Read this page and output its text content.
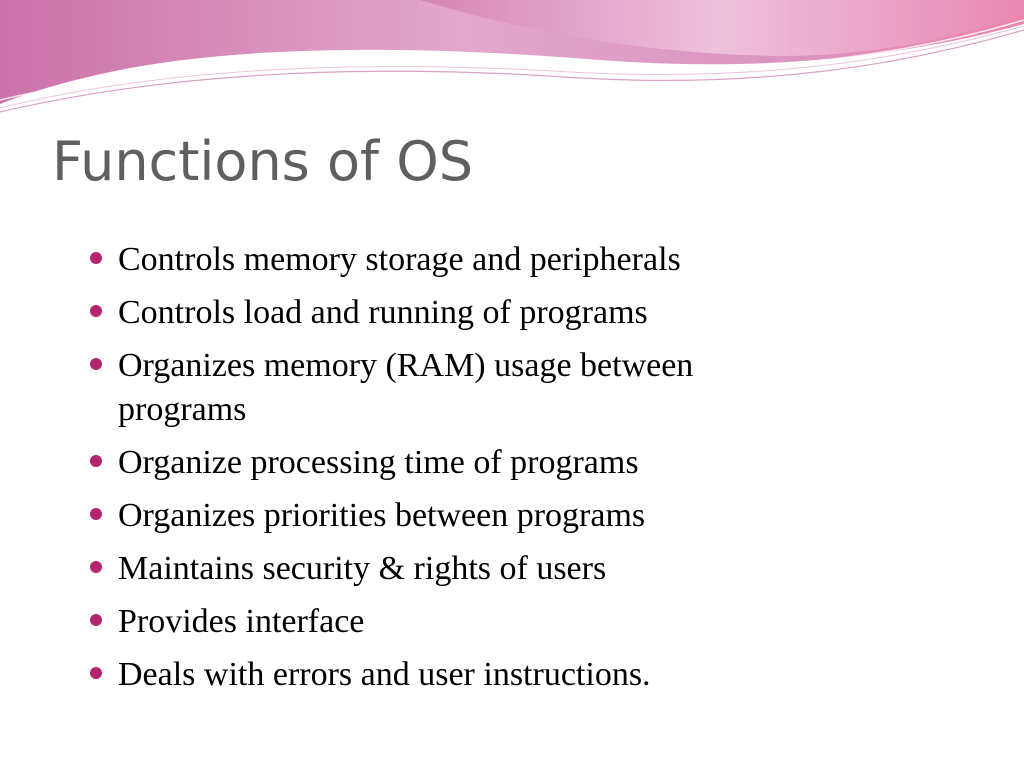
Functions of OS
Controls memory storage and peripherals
Controls load and running of programs
Organizes memory (RAM) usage between programs
Organize processing time of programs
Organizes priorities between programs
Maintains security & rights of users
Provides interface
Deals with errors and user instructions.
